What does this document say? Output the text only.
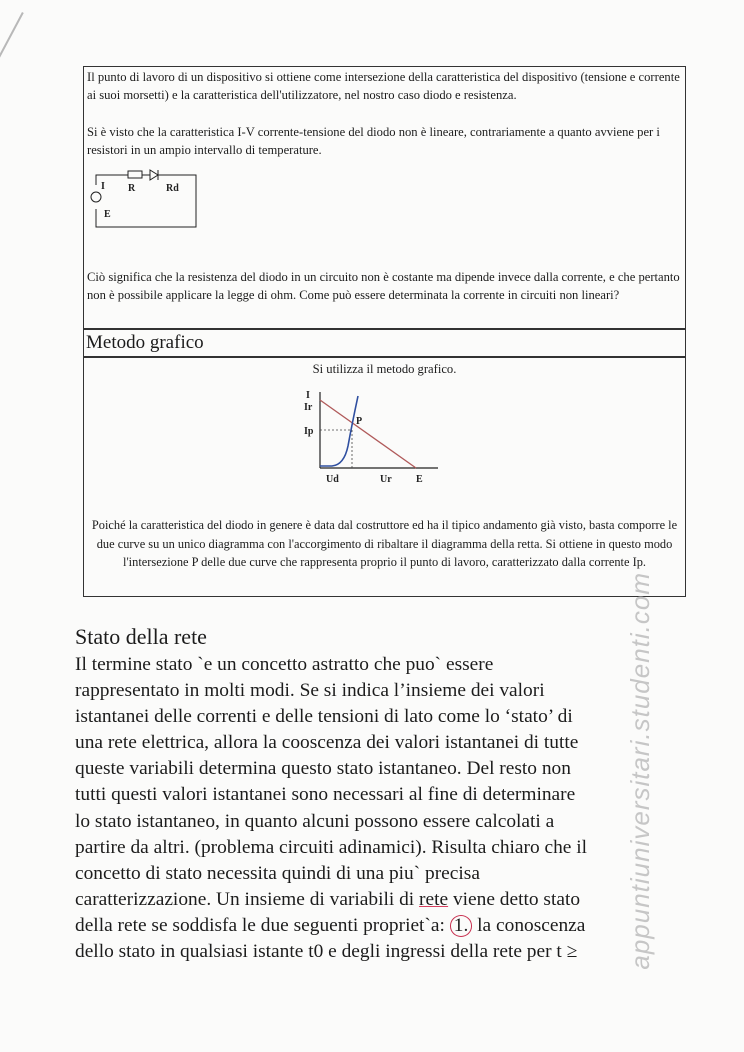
Il punto di lavoro di un dispositivo si ottiene come intersezione della caratteristica del dispositivo (tensione e corrente ai suoi morsetti) e la caratteristica dell'utilizzatore, nel nostro caso diodo e resistenza.

Si è visto che la caratteristica I-V corrente-tensione del diodo non è lineare, contrariamente a quanto avviene per i resistori in un ampio intervallo di temperature.

I R	Rd
E

Ciò significa che la resistenza del diodo in un circuito non è costante ma dipende invece dalla corrente, e che pertanto non è possibile applicare la legge di ohm. Come può essere determinata la corrente in circuiti non lineari?

Metodo grafico
Si utilizza il metodo grafico.
I
Ir
Ip
P
Ud	Ur E

Poiché la caratteristica del diodo in genere è data dal costruttore ed ha il tipico andamento già visto, basta comporre le due curve su un unico diagramma con l'accorgimento di ribaltare il diagramma della retta. Si ottiene in questo modo l'intersezione P delle due curve che rappresenta proprio il punto di lavoro, caratterizzato dalla corrente Ip.

Stato della rete

Il termine stato `e un concetto astratto che puo` essere
rappresentato in molti modi. Se si indica l’insieme dei valori
istantanei delle correnti e delle tensioni di lato come lo ‘stato’ di
una rete elettrica, allora la cooscenza dei valori istantanei di tutte
queste variabili determina questo stato istantaneo. Del resto non
tutti questi valori istantanei sono necessari al fine di determinare
lo stato istantaneo, in quanto alcuni possono essere calcolati a
partire da altri. (problema circuiti adinamici). Risulta chiaro che il
concetto di stato necessita quindi di una piu` precisa
caratterizzazione. Un insieme di variabili di rete viene detto stato
della rete se soddisfa le due seguenti propriet`a: 1. la conoscenza
dello stato in qualsiasi istante t0 e degli ingressi della rete per t ≥	appuntiuniversitari.studenti.com
